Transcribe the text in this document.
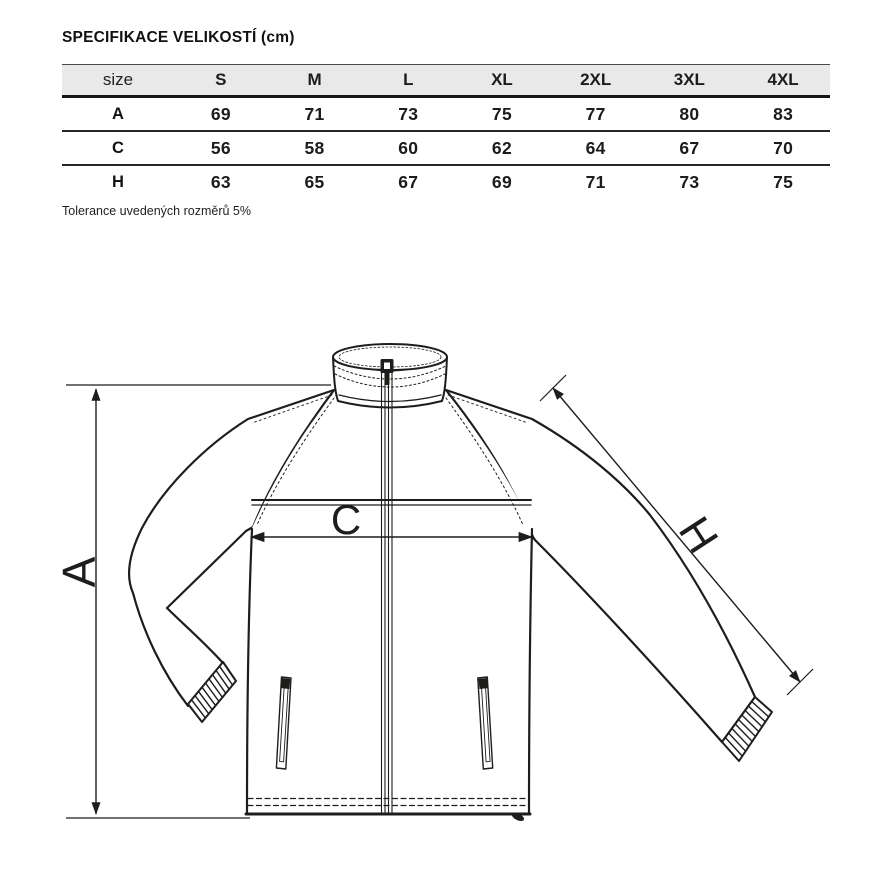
SPECIFIKACE VELIKOSTÍ (cm)
size	S	M	L	XL	2XL	3XL	4XL
A	69	71	73	75	77	80	83
C	56	58	60	62	64	67	70
H	63	65	67	69	71	73	75
Tolerance uvedených rozměrů 5%
A
H
C
